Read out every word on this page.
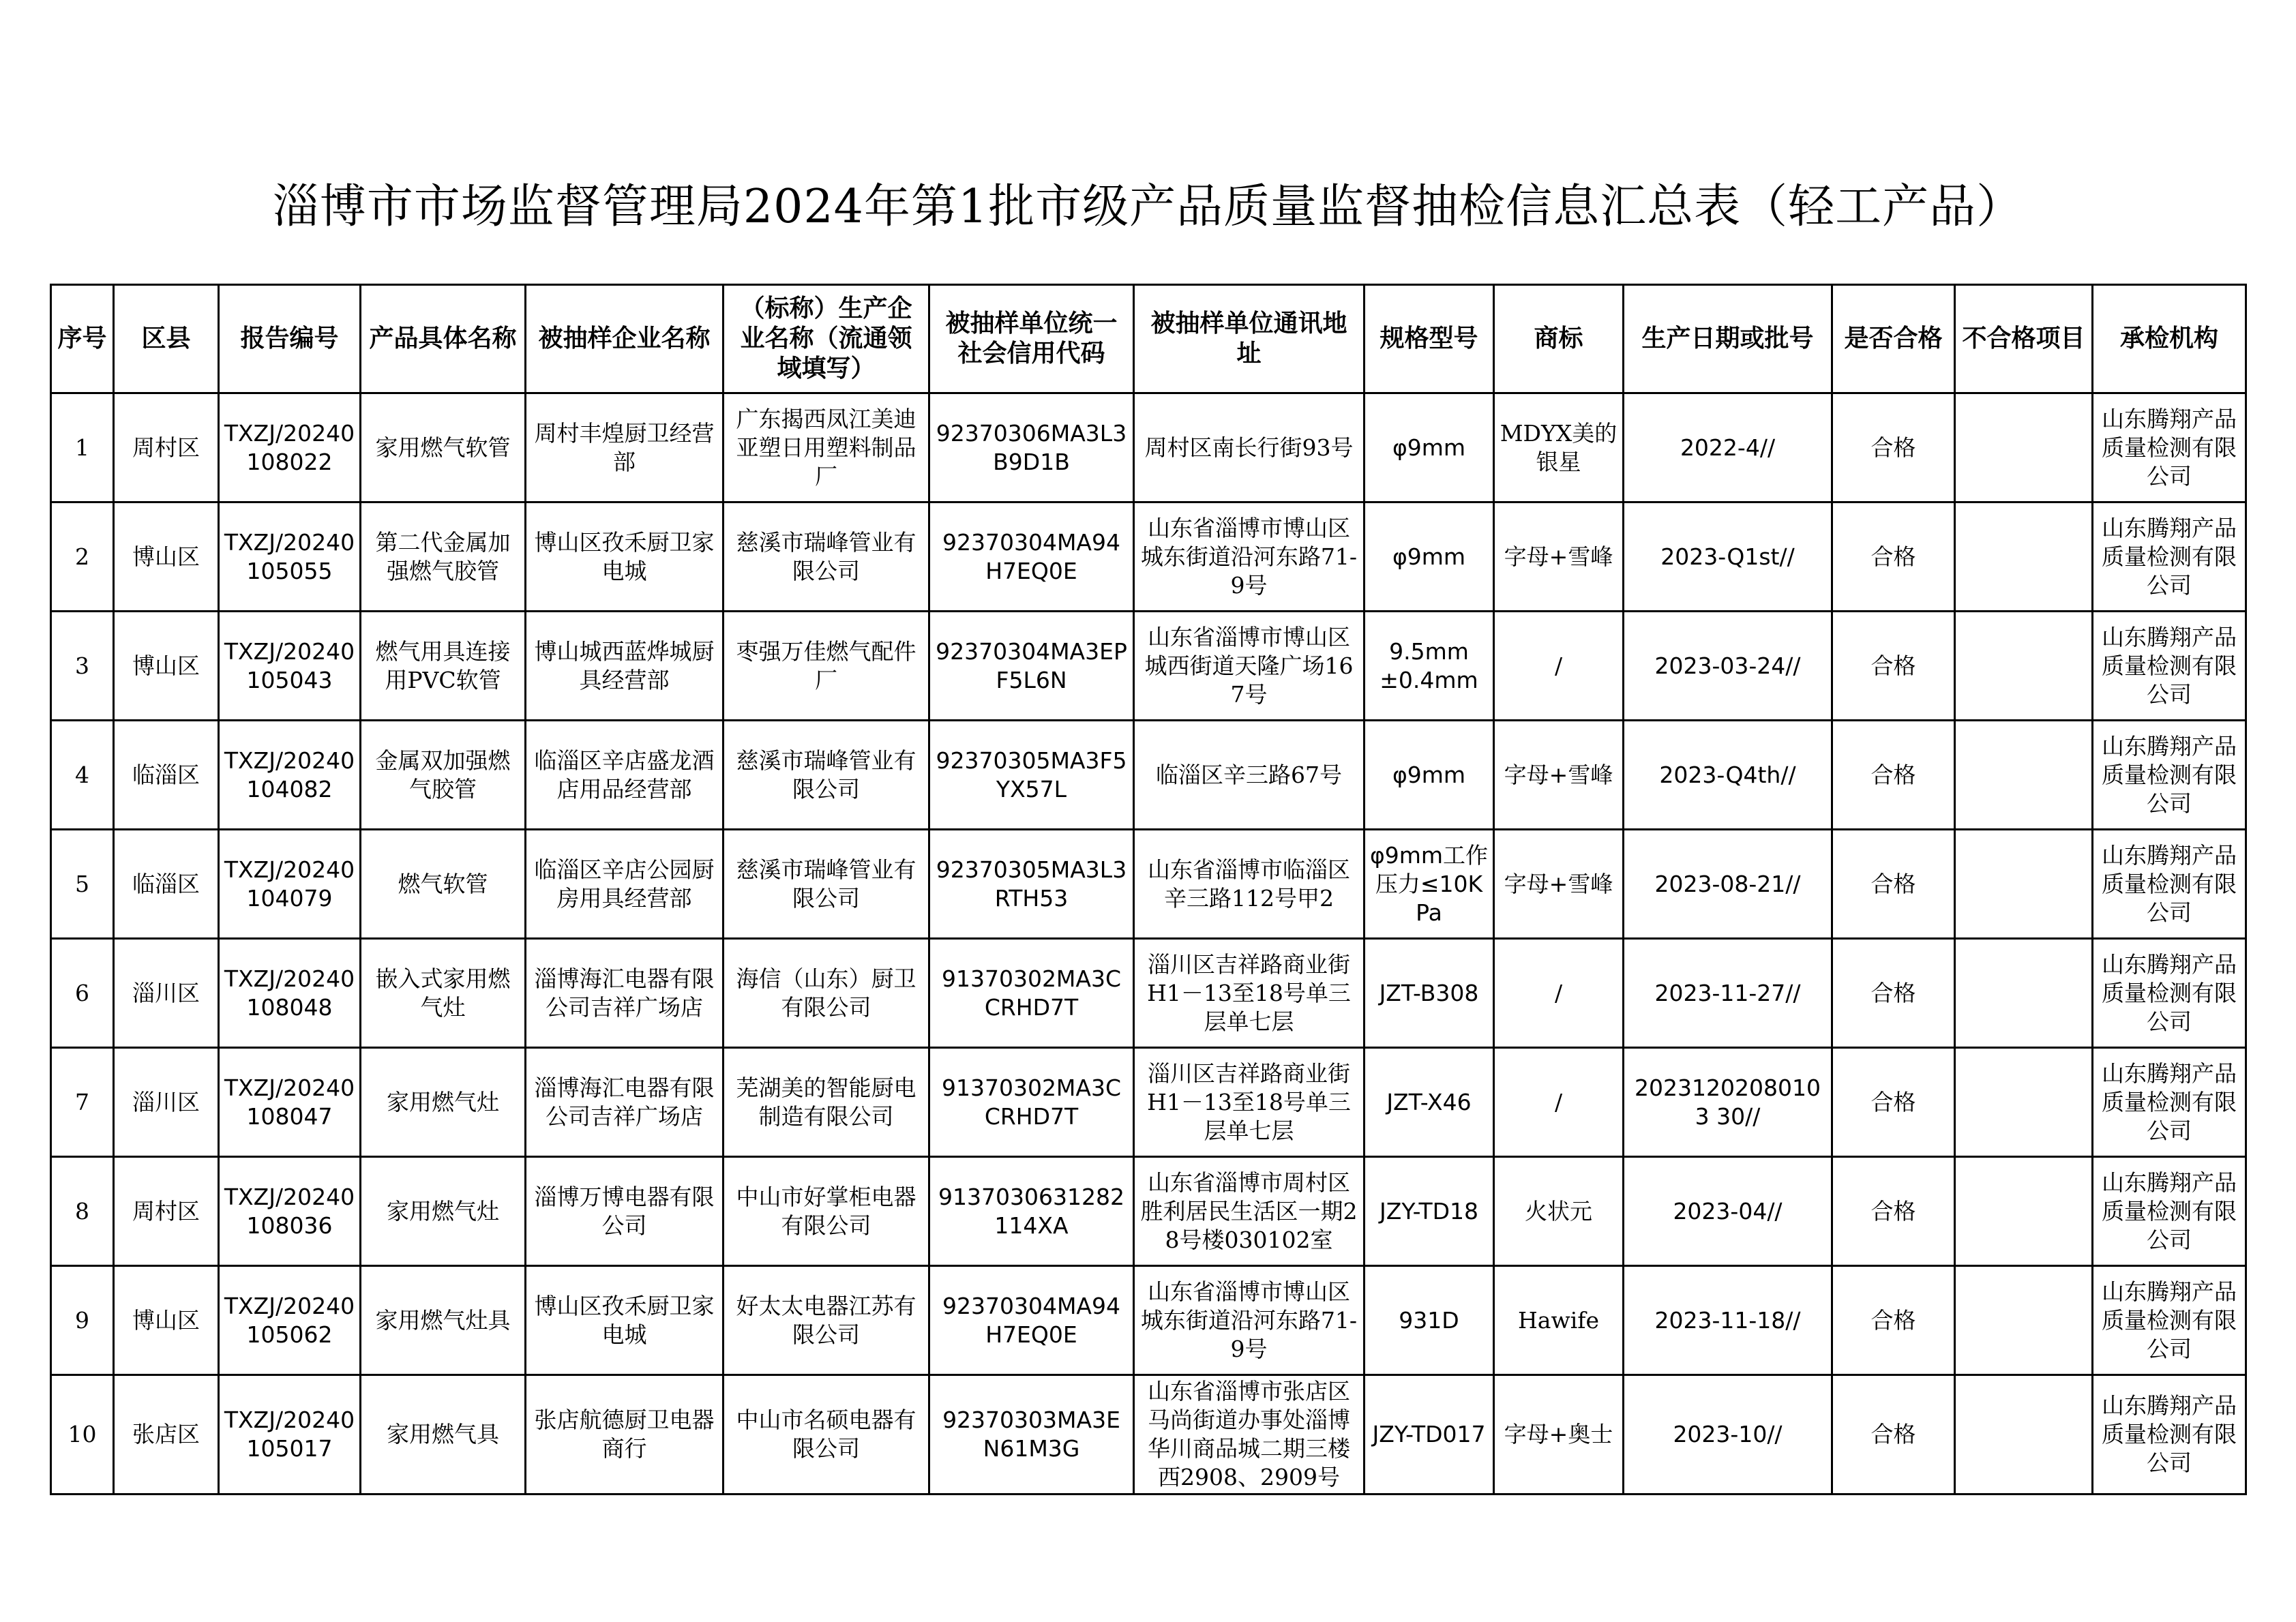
淄博市市场监督管理局2024年第1批市级产品质量监督抽检信息汇总表（轻工产品）
序号	区县	报告编号	产品具体名称	被抽样企业名称	（标称）生产企业名称（流通领域填写）	被抽样单位统一社会信用代码	被抽样单位通讯地址	规格型号	商标	生产日期或批号	是否合格	不合格项目	承检机构
1	周村区	TXZJ/20240108022	家用燃气软管	周村丰煌厨卫经营部	广东揭西凤江美迪亚塑日用塑料制品厂	92370306MA3L3B9D1B	周村区南长行街93号	φ9mm	MDYX美的银星	2022-4//	合格		山东腾翔产品质量检测有限公司
2	博山区	TXZJ/20240105055	第二代金属加强燃气胶管	博山区孜禾厨卫家电城	慈溪市瑞峰管业有限公司	92370304MA94H7EQ0E	山东省淄博市博山区城东街道沿河东路71-9号	φ9mm	字母+雪峰	2023-Q1st//	合格		山东腾翔产品质量检测有限公司
3	博山区	TXZJ/20240105043	燃气用具连接用PVC软管	博山城西蓝烨城厨具经营部	枣强万佳燃气配件厂	92370304MA3EPF5L6N	山东省淄博市博山区城西街道天隆广场167号	9.5mm±0.4mm	/	2023-03-24//	合格		山东腾翔产品质量检测有限公司
4	临淄区	TXZJ/20240104082	金属双加强燃气胶管	临淄区辛店盛龙酒店用品经营部	慈溪市瑞峰管业有限公司	92370305MA3F5YX57L	临淄区辛三路67号	φ9mm	字母+雪峰	2023-Q4th//	合格		山东腾翔产品质量检测有限公司
5	临淄区	TXZJ/20240104079	燃气软管	临淄区辛店公园厨房用具经营部	慈溪市瑞峰管业有限公司	92370305MA3L3RTH53	山东省淄博市临淄区辛三路112号甲2	φ9mm工作压力≤10KPa	字母+雪峰	2023-08-21//	合格		山东腾翔产品质量检测有限公司
6	淄川区	TXZJ/20240108048	嵌入式家用燃气灶	淄博海汇电器有限公司吉祥广场店	海信（山东）厨卫有限公司	91370302MA3CCRHD7T	淄川区吉祥路商业街H1－13至18号单三层单七层	JZT-B308	/	2023-11-27//	合格		山东腾翔产品质量检测有限公司
7	淄川区	TXZJ/20240108047	家用燃气灶	淄博海汇电器有限公司吉祥广场店	芜湖美的智能厨电制造有限公司	91370302MA3CCRHD7T	淄川区吉祥路商业街H1－13至18号单三层单七层	JZT-X46	/	20231202080103 30//	合格		山东腾翔产品质量检测有限公司
8	周村区	TXZJ/20240108036	家用燃气灶	淄博万博电器有限公司	中山市好掌柜电器有限公司	9137030631282114XA	山东省淄博市周村区胜利居民生活区一期28号楼030102室	JZY-TD18	火状元	2023-04//	合格		山东腾翔产品质量检测有限公司
9	博山区	TXZJ/20240105062	家用燃气灶具	博山区孜禾厨卫家电城	好太太电器江苏有限公司	92370304MA94H7EQ0E	山东省淄博市博山区城东街道沿河东路71-9号	931D	Hawife	2023-11-18//	合格		山东腾翔产品质量检测有限公司
10	张店区	TXZJ/20240105017	家用燃气具	张店航德厨卫电器商行	中山市名硕电器有限公司	92370303MA3EN61M3G	山东省淄博市张店区马尚街道办事处淄博华川商品城二期三楼西2908、2909号	JZY-TD017	字母+奥士	2023-10//	合格		山东腾翔产品质量检测有限公司
